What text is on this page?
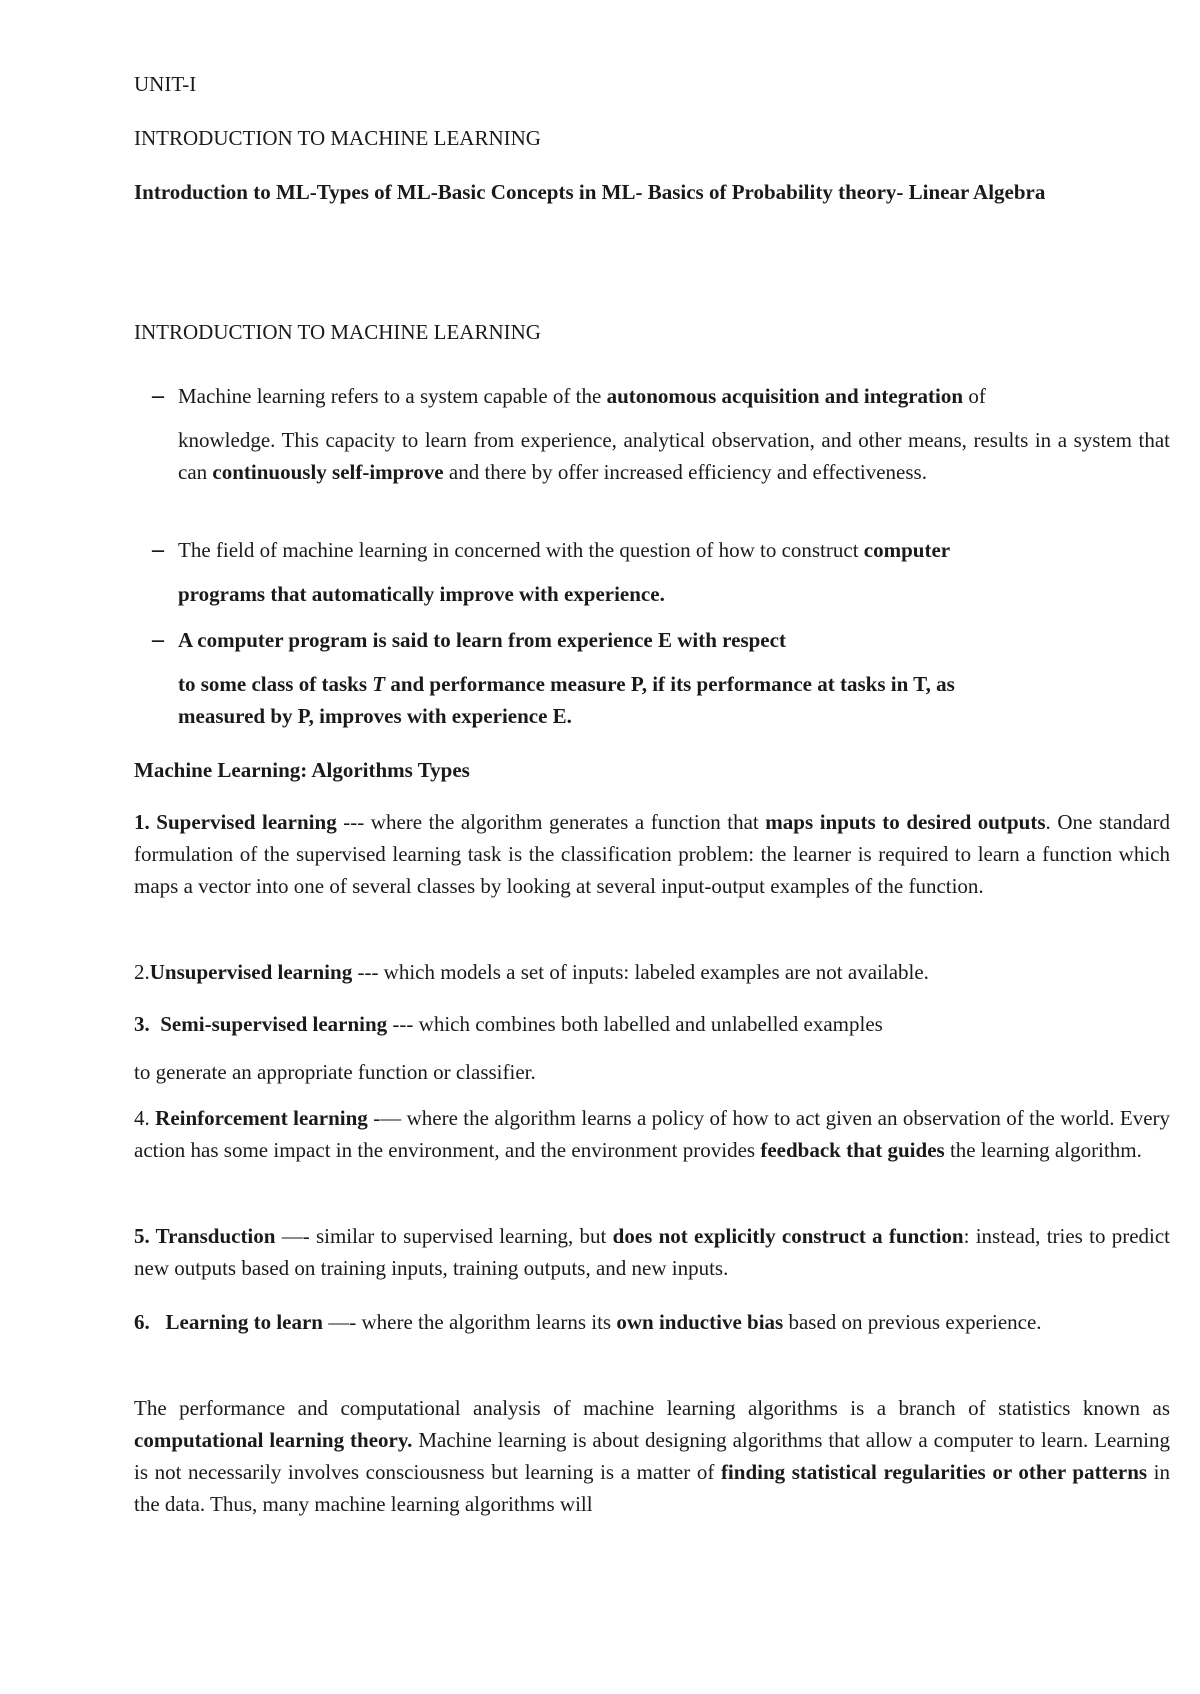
UNIT-I
INTRODUCTION TO MACHINE LEARNING
Introduction to ML-Types of ML-Basic Concepts in ML- Basics of Probability theory- Linear Algebra
INTRODUCTION TO MACHINE LEARNING
– Machine learning refers to a system capable of the autonomous acquisition and integration of
knowledge. This capacity to learn from experience, analytical observation, and other means, results in a system that can continuously self-improve and there by offer increased efficiency and effectiveness.
– The field of machine learning in concerned with the question of how to construct computer
programs that automatically improve with experience.
– A computer program is said to learn from experience E with respect
to some class of tasks T and performance measure P, if its performance at tasks in T, as measured by P, improves with experience E.
Machine Learning: Algorithms Types

1. Supervised learning --- where the algorithm generates a function that maps inputs to desired outputs. One standard formulation of the supervised learning task is the classification problem: the learner is required to learn a function which maps a vector into one of several classes by looking at several input-output examples of the function.

2.Unsupervised learning --- which models a set of inputs: labeled examples are not available.

3.  Semi-supervised learning --- which combines both labelled and unlabelled examples

to generate an appropriate function or classifier.

4. Reinforcement learning -— where the algorithm learns a policy of how to act given an observation of the world. Every action has some impact in the environment, and the environment provides feedback that guides the learning algorithm.

5. Transduction —- similar to supervised learning, but does not explicitly construct a function: instead, tries to predict new outputs based on training inputs, training outputs, and new inputs.

6.   Learning to learn —- where the algorithm learns its own inductive bias based on previous experience.

The performance and computational analysis of machine learning algorithms is a branch of statistics known as computational learning theory. Machine learning is about designing algorithms that allow a computer to learn. Learning is not necessarily involves consciousness but learning is a matter of finding statistical regularities or other patterns in the data. Thus, many machine learning algorithms will
